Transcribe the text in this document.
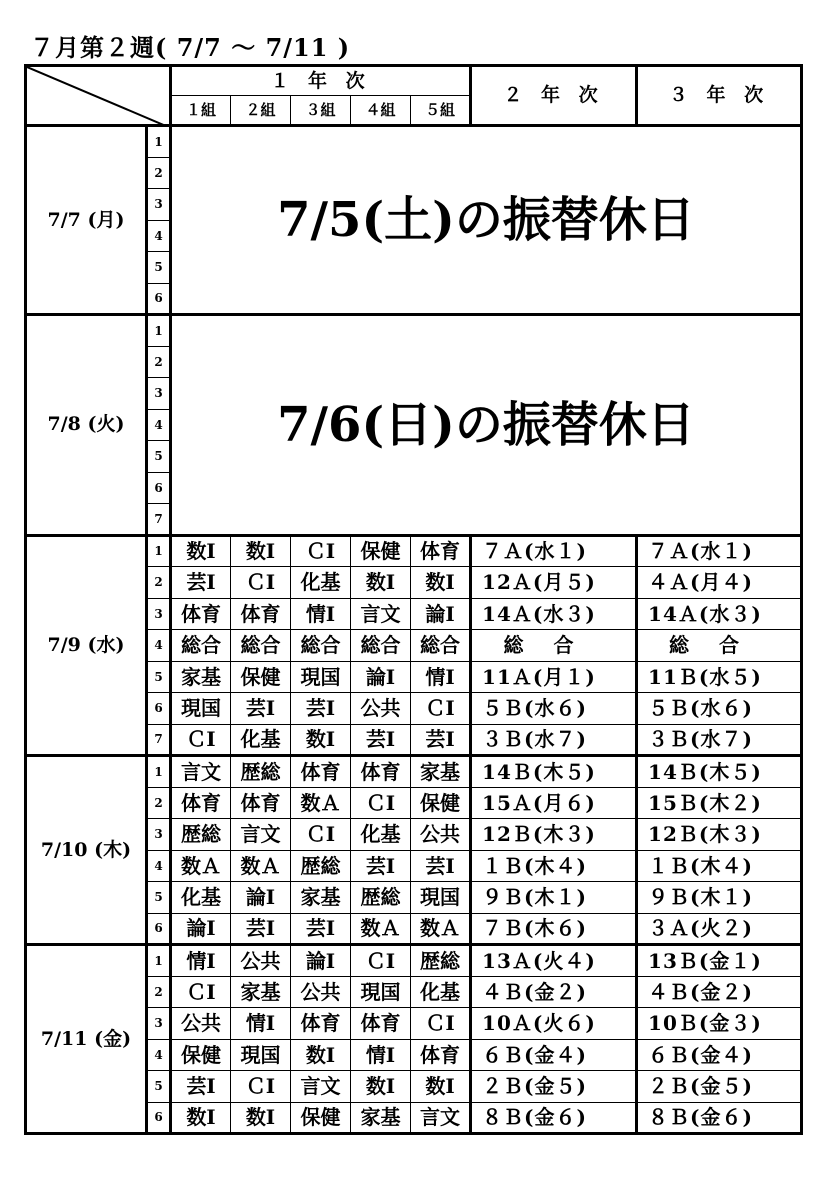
７月第２週( 7/7 ～ 7/11 )
	１ 年 次					２ 年 次	３ 年 次
		１組	２組	３組	４組	５組		
7/7 (月)	1	7/5(土)の振替休日						
	2							
	3							
	4							
	5							
	6							
7/8 (火)	1	7/6(日)の振替休日						
	2							
	3							
	4							
	5							
	6							
	7							
7/9 (水)	1	数Ⅰ	数Ⅰ	ＣⅠ	保健	体育	７Ａ(水１)	７Ａ(水１)
	2	芸Ⅰ	ＣⅠ	化基	数Ⅰ	数Ⅰ	12Ａ(月５)	４Ａ(月４)
	3	体育	体育	情Ⅰ	言文	論Ⅰ	14Ａ(水３)	14Ａ(水３)
	4	総合	総合	総合	総合	総合	総合	総合
	5	家基	保健	現国	論Ⅰ	情Ⅰ	11Ａ(月１)	11Ｂ(水５)
	6	現国	芸Ⅰ	芸Ⅰ	公共	ＣⅠ	５Ｂ(水６)	５Ｂ(水６)
	7	ＣⅠ	化基	数Ⅰ	芸Ⅰ	芸Ⅰ	３Ｂ(水７)	３Ｂ(水７)
7/10 (木)	1	言文	歴総	体育	体育	家基	14Ｂ(木５)	14Ｂ(木５)
	2	体育	体育	数Ａ	ＣⅠ	保健	15Ａ(月６)	15Ｂ(木２)
	3	歴総	言文	ＣⅠ	化基	公共	12Ｂ(木３)	12Ｂ(木３)
	4	数Ａ	数Ａ	歴総	芸Ⅰ	芸Ⅰ	１Ｂ(木４)	１Ｂ(木４)
	5	化基	論Ⅰ	家基	歴総	現国	９Ｂ(木１)	９Ｂ(木１)
	6	論Ⅰ	芸Ⅰ	芸Ⅰ	数Ａ	数Ａ	７Ｂ(木６)	３Ａ(火２)
7/11 (金)	1	情Ⅰ	公共	論Ⅰ	ＣⅠ	歴総	13Ａ(火４)	13Ｂ(金１)
	2	ＣⅠ	家基	公共	現国	化基	４Ｂ(金２)	４Ｂ(金２)
	3	公共	情Ⅰ	体育	体育	ＣⅠ	10Ａ(火６)	10Ｂ(金３)
	4	保健	現国	数Ⅰ	情Ⅰ	体育	６Ｂ(金４)	６Ｂ(金４)
	5	芸Ⅰ	ＣⅠ	言文	数Ⅰ	数Ⅰ	２Ｂ(金５)	２Ｂ(金５)
	6	数Ⅰ	数Ⅰ	保健	家基	言文	８Ｂ(金６)	８Ｂ(金６)
